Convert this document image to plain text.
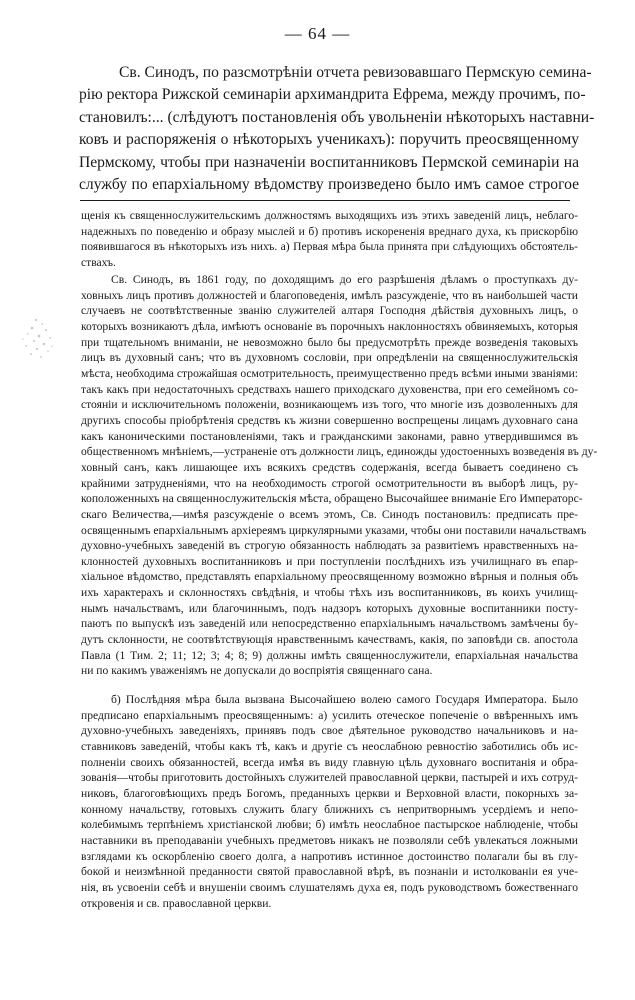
— 64 —
Св. Синодъ, по разсмотрѣніи отчета ревизовавшаго Пермскую семина-
рію ректора Рижской семинаріи архимандрита Ефрема, между прочимъ, по-
становилъ:... (слѣдуютъ постановленія объ увольненіи нѣкоторыхъ наставни-
ковъ и распоряженія о нѣкоторыхъ ученикахъ): поручить преосвященному
Пермскому, чтобы при назначеніи воспитанниковъ Пермской семинаріи на
службу по епархіальному вѣдомству произведено было имъ самое строгое
щенія къ священнослужительскимъ должностямъ выходящихъ изъ этихъ заведеній лицъ, неблаго-
надежныхъ по поведенію и образу мыслей и б) противъ искорененія вреднаго духа, къ прискорбію
появившагося въ нѣкоторыхъ изъ нихъ. а) Первая мѣра была принята при слѣдующихъ обстоятель-
ствахъ.
Св. Синодъ, въ 1861 году, по доходящимъ до его разрѣшенія дѣламъ о проступкахъ ду-
ховныхъ лицъ противъ должностей и благоповеденія, имѣлъ разсужденіе, что въ наибольшей части
случаевъ не соотвѣтственные званію служителей алтаря Господня дѣйствія духовныхъ лицъ, о
которыхъ возникаютъ дѣла, имѣютъ основаніе въ порочныхъ наклонностяхъ обвиняемыхъ, которыя
при тщательномъ вниманіи, не невозможно было бы предусмотрѣть прежде возведенія таковыхъ
лицъ въ духовный санъ; что въ духовномъ сословіи, при опредѣленіи на священнослужительскія
мѣста, необходима строжайшая осмотрительность, преимущественно предъ всѣми иными званіями:
такъ какъ при недостаточныхъ средствахъ нашего приходскаго духовенства, при его семейномъ со-
стояніи и исключительномъ положеніи, возникающемъ изъ того, что многіе изъ дозволенныхъ для
другихъ способы пріобрѣтенія средствъ къ жизни совершенно воспрещены лицамъ духовнаго сана
какъ каноническими постановленіями, такъ и гражданскими законами, равно утвердившимся въ
общественномъ мнѣніемъ,—устраненіе отъ должности лицъ, единожды удостоенныхъ возведенія въ ду-
ховный санъ, какъ лишающее ихъ всякихъ средствъ содержанія, всегда бываетъ соединено съ
крайними затрудненіями, что на необходимость строгой осмотрительности въ выборѣ лицъ, ру-
коположенныхъ на священнослужительскія мѣста, обращено Высочайшее вниманіе Его Императорс-
скаго Величества,—имѣя разсужденіе о всемъ этомъ, Св. Синодъ постановилъ: предписать пре-
освященнымъ епархіальнымъ архіереямъ циркулярными указами, чтобы они поставили начальствамъ
духовно-учебныхъ заведеній въ строгую обязанность наблюдать за развитіемъ нравственныхъ на-
клонностей духовныхъ воспитанниковъ и при поступленіи послѣднихъ изъ училищнаго въ епар-
хіальное вѣдомство, представлять епархіальному преосвященному возможно вѣрныя и полныя объ
ихъ характерахъ и склонностяхъ свѣдѣнія, и чтобы тѣхъ изъ воспитанниковъ, въ коихъ училищ-
нымъ начальствамъ, или благочиннымъ, подъ надзоръ которыхъ духовные воспитанники посту-
паютъ по выпускѣ изъ заведеній или непосредственно епархіальнымъ начальствомъ замѣчены бу-
дутъ склонности, не соотвѣтствующія нравственнымъ качествамъ, какія, по заповѣди св. апостола
Павла (1 Тим. 2; 11; 12; 3; 4; 8; 9) должны имѣть священнослужители, епархіальная начальства
ни по какимъ уваженіямъ не допускали до воспріятія священнаго сана.
б) Послѣдняя мѣра была вызвана Высочайшею волею самого Государя Императора. Было
предписано епархіальнымъ преосвященнымъ: а) усилить отеческое попеченіе о ввѣренныхъ имъ
духовно-учебныхъ заведеніяхъ, принявъ подъ свое дѣятельное руководство начальниковъ и на-
ставниковъ заведеній, чтобы какъ тѣ, какъ и другіе съ неослабною ревностію заботились объ ис-
полненіи своихъ обязанностей, всегда имѣя въ виду главную цѣль духовнаго воспитанія и обра-
зованія—чтобы приготовить достойныхъ служителей православной церкви, пастырей и ихъ сотруд-
никовъ, благоговѣющихъ предъ Богомъ, преданныхъ церкви и Верховной власти, покорныхъ за-
конному начальству, готовыхъ служить благу ближнихъ съ непритворнымъ усердіемъ и непо-
колебимымъ терпѣніемъ христіанской любви; б) имѣть неослабное пастырское наблюденіе, чтобы
наставники въ преподаваніи учебныхъ предметовъ никакъ не позволяли себѣ увлекаться ложными
взглядами къ оскорбленію своего долга, а напротивъ истинное достоинство полагали бы въ глу-
бокой и неизмѣнной преданности святой православной вѣрѣ, въ познаніи и истолкованіи ея уче-
нія, въ усвоеніи себѣ и внушеніи своимъ слушателямъ духа ея, подъ руководствомъ божественнаго
откровенія и св. православной церкви.
